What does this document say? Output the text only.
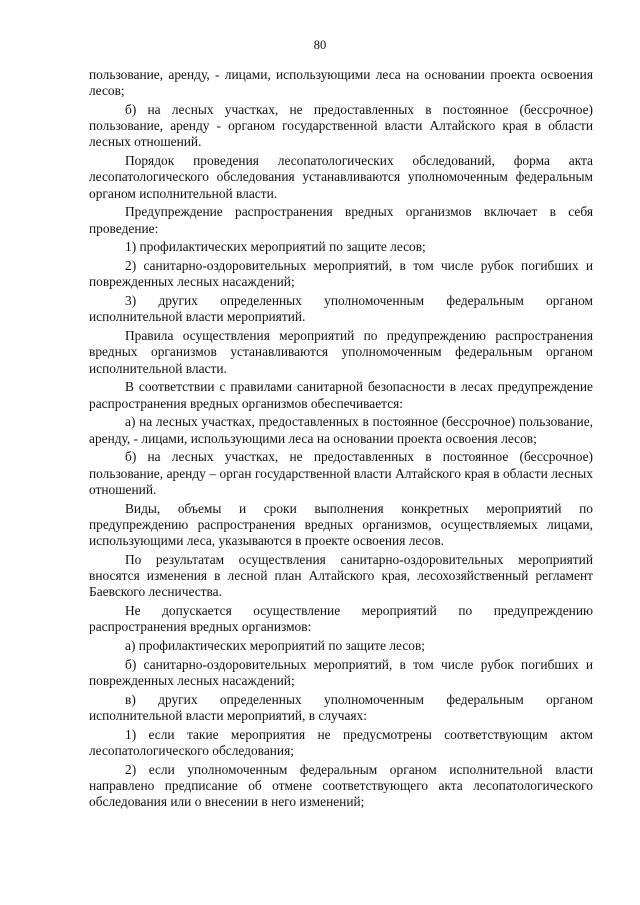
80

пользование, аренду, - лицами, использующими леса на основании проекта освоения лесов;

б) на лесных участках, не предоставленных в постоянное (бессрочное) пользование, аренду - органом государственной власти Алтайского края в области лесных отношений.

Порядок проведения лесопатологических обследований, форма акта лесопатологического обследования устанавливаются уполномоченным федеральным органом исполнительной власти.

Предупреждение распространения вредных организмов включает в себя проведение:

1) профилактических мероприятий по защите лесов;

2) санитарно-оздоровительных мероприятий, в том числе рубок погибших и поврежденных лесных насаждений;

3) других определенных уполномоченным федеральным органом исполнительной власти мероприятий.

Правила осуществления мероприятий по предупреждению распространения вредных организмов устанавливаются уполномоченным федеральным органом исполнительной власти.

В соответствии с правилами санитарной безопасности в лесах предупреждение распространения вредных организмов обеспечивается:

а) на лесных участках, предоставленных в постоянное (бессрочное) пользование, аренду, - лицами, использующими леса на основании проекта освоения лесов;

б) на лесных участках, не предоставленных в постоянное (бессрочное) пользование, аренду – орган государственной власти Алтайского края в области лесных отношений.

Виды, объемы и сроки выполнения конкретных мероприятий по предупреждению распространения вредных организмов, осуществляемых лицами, использующими леса, указываются в проекте освоения лесов.

По результатам осуществления санитарно-оздоровительных мероприятий вносятся изменения в лесной план Алтайского края, лесохозяйственный регламент Баевского лесничества.

Не допускается осуществление мероприятий по предупреждению распространения вредных организмов:

а) профилактических мероприятий по защите лесов;

б) санитарно-оздоровительных мероприятий, в том числе рубок погибших и поврежденных лесных насаждений;

в) других определенных уполномоченным федеральным органом исполнительной власти мероприятий, в случаях:

1) если такие мероприятия не предусмотрены соответствующим актом лесопатологического обследования;

2) если уполномоченным федеральным органом исполнительной власти направлено предписание об отмене соответствующего акта лесопатологического обследования или о внесении в него изменений;
